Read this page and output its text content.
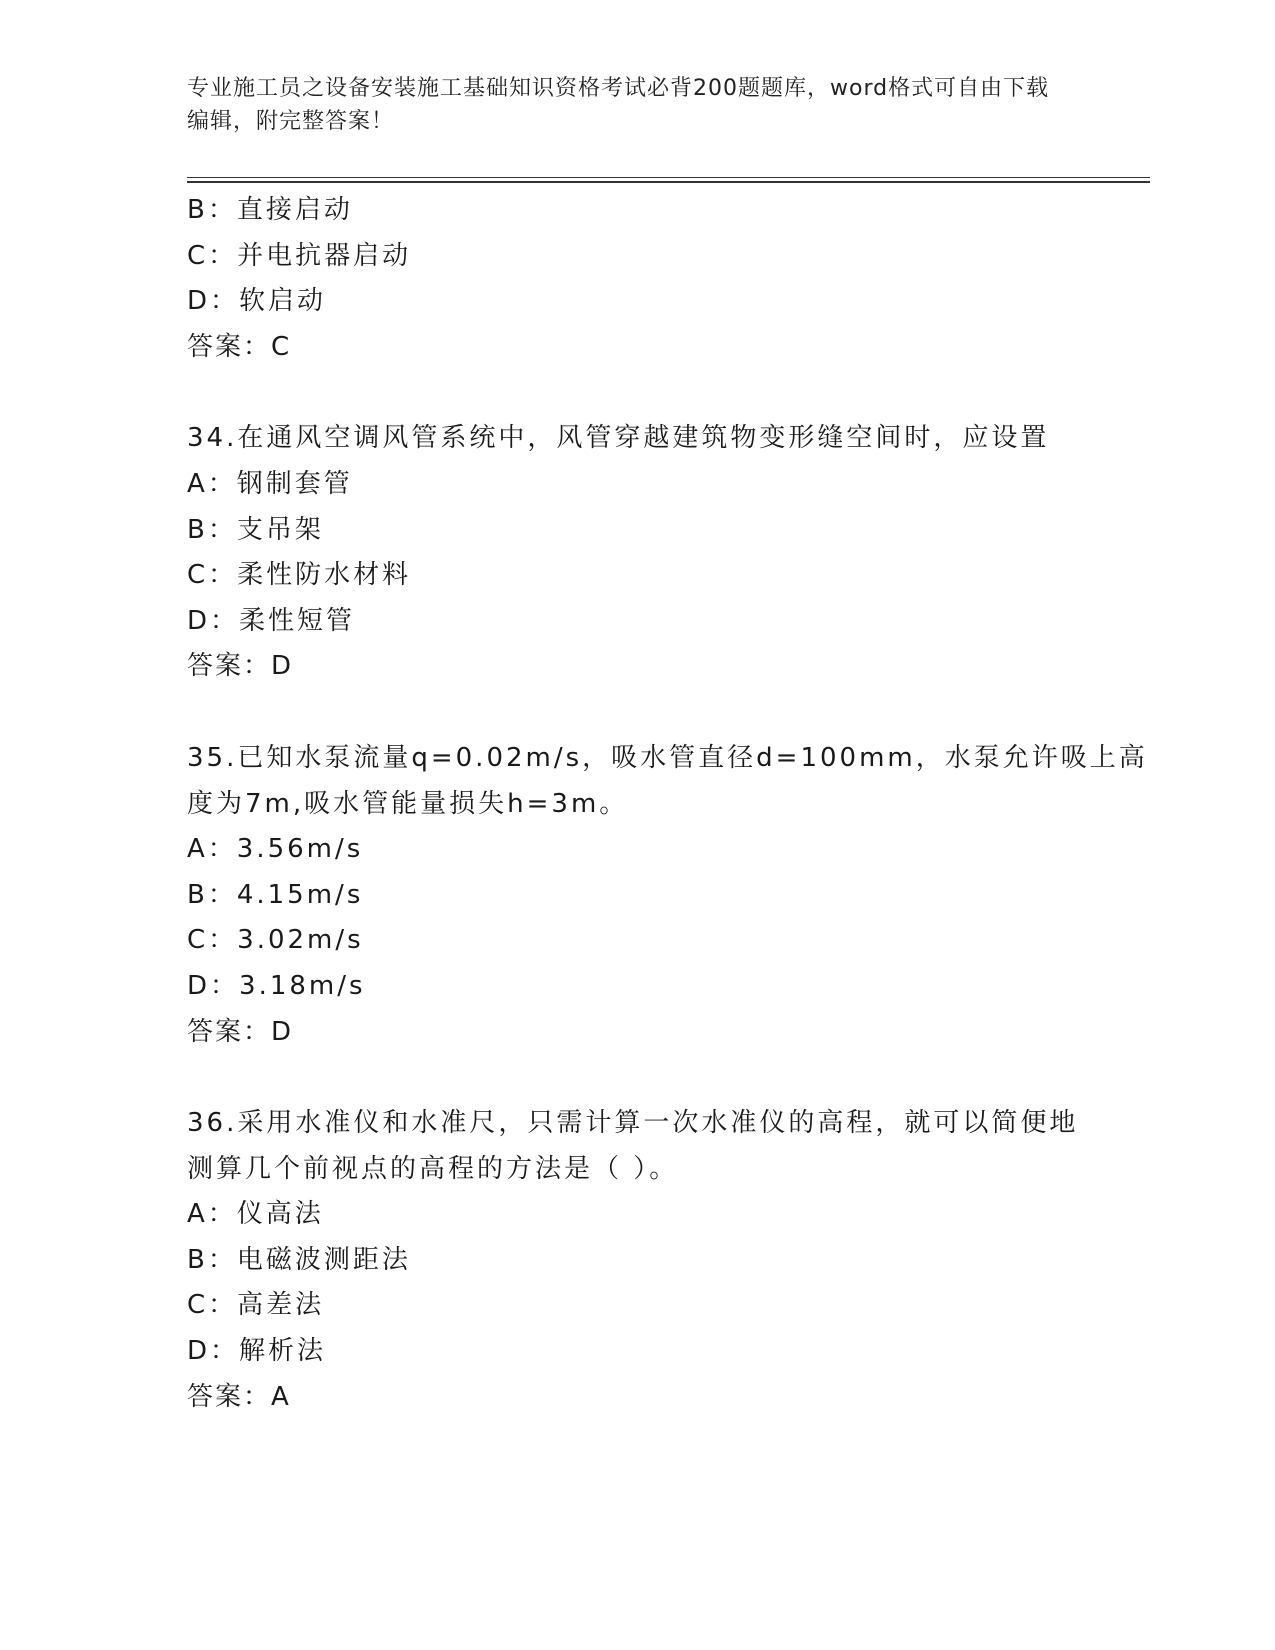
专业施工员之设备安装施工基础知识资格考试必背200题题库，word格式可自由下载编辑，附完整答案！
B：直接启动
C：并电抗器启动
D：软启动
答案：C
34.在通风空调风管系统中，风管穿越建筑物变形缝空间时，应设置
A：钢制套管
B：支吊架
C：柔性防水材料
D：柔性短管
答案：D
35.已知水泵流量q=0.02m/s，吸水管直径d=100mm，水泵允许吸上高
度为7m,吸水管能量损失h=3m。
A：3.56m/s
B：4.15m/s
C：3.02m/s
D：3.18m/s
答案：D
36.采用水准仪和水准尺，只需计算一次水准仪的高程，就可以简便地
测算几个前视点的高程的方法是（ ）。
A：仪高法
B：电磁波测距法
C：高差法
D：解析法
答案：A
